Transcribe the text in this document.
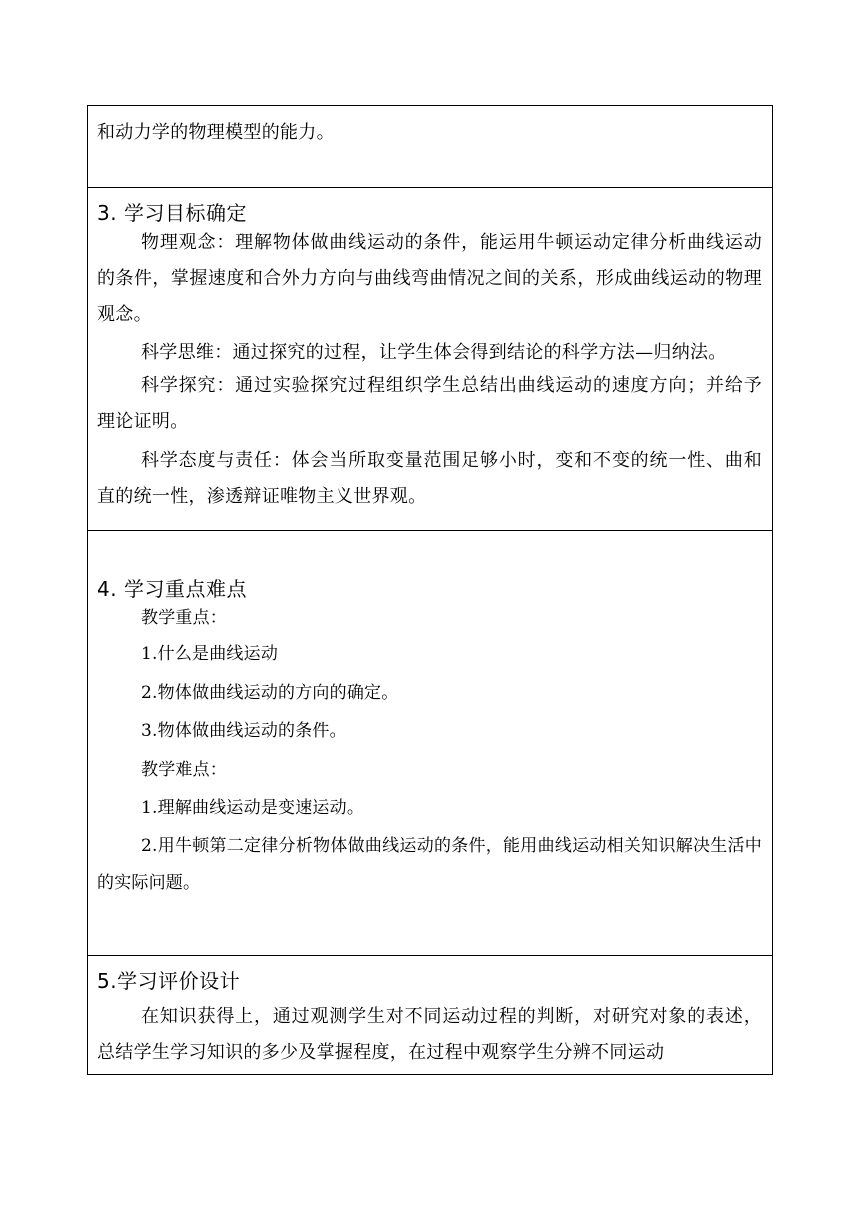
和动力学的物理模型的能力。

3. 学习目标确定

物理观念：理解物体做曲线运动的条件，能运用牛顿运动定律分析曲线运动的条件，掌握速度和合外力方向与曲线弯曲情况之间的关系，形成曲线运动的物理观念。

科学思维：通过探究的过程，让学生体会得到结论的科学方法—归纳法。

科学探究：通过实验探究过程组织学生总结出曲线运动的速度方向；并给予理论证明。

科学态度与责任：体会当所取变量范围足够小时，变和不变的统一性、曲和直的统一性，渗透辩证唯物主义世界观。

4. 学习重点难点

教学重点：

1.什么是曲线运动

2.物体做曲线运动的方向的确定。

3.物体做曲线运动的条件。

教学难点：

1.理解曲线运动是变速运动。

2.用牛顿第二定律分析物体做曲线运动的条件，能用曲线运动相关知识解决生活中的实际问题。

5.学习评价设计

在知识获得上，通过观测学生对不同运动过程的判断，对研究对象的表述，总结学生学习知识的多少及掌握程度，在过程中观察学生分辨不同运动
